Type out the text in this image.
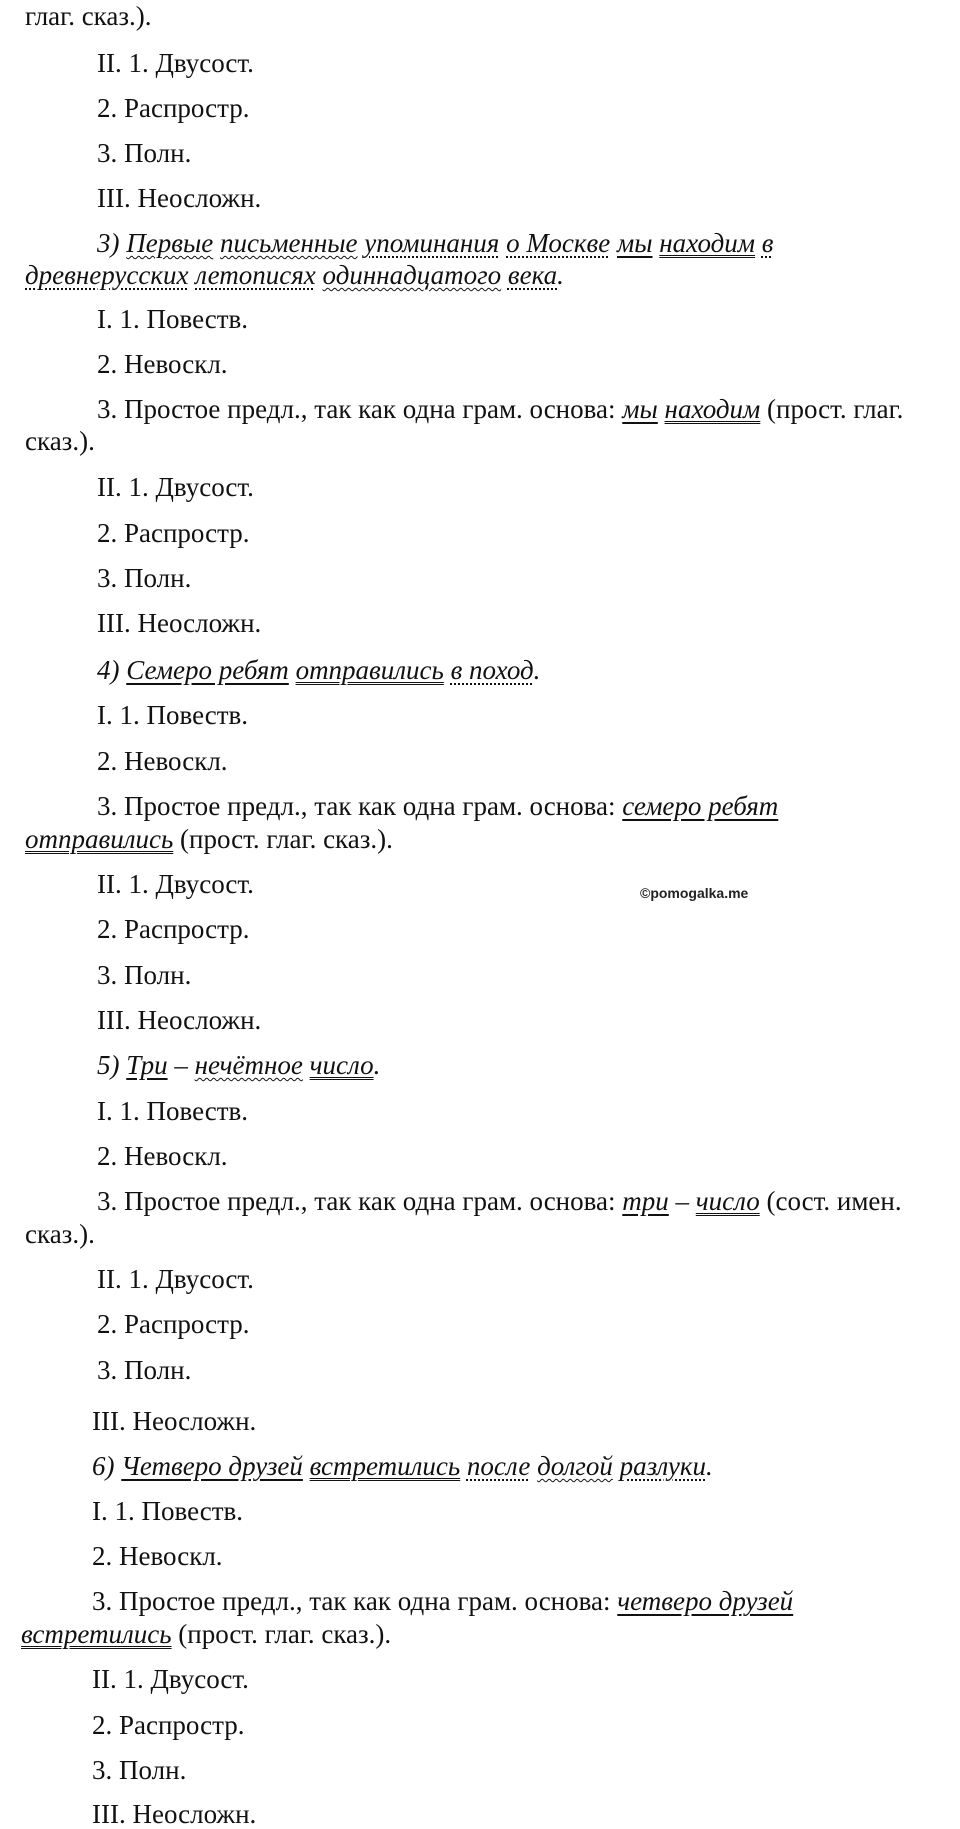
глаг. сказ.).
II. 1. Двусост.
2. Распростр.
3. Полн.
III. Неосложн.
3) Первые письменные упоминания о Москве мы находим в
древнерусских летописях одиннадцатого века.
I. 1. Повеств.
2. Невоскл.
3. Простое предл., так как одна грам. основа: мы находим (прост. глаг.
сказ.).
II. 1. Двусост.
2. Распростр.
3. Полн.
III. Неосложн.
4) Семеро ребят отправились в поход.
I. 1. Повеств.
2. Невоскл.
3. Простое предл., так как одна грам. основа: семеро ребят
отправились (прост. глаг. сказ.).
II. 1. Двусост.	©pomogalka.me
2. Распростр.
3. Полн.
III. Неосложн.
5) Три – нечётное число.
I. 1. Повеств.
2. Невоскл.
3. Простое предл., так как одна грам. основа: три – число (сост. имен.
сказ.).
II. 1. Двусост.
2. Распростр.
3. Полн.
III. Неосложн.
6) Четверо друзей встретились после долгой разлуки.
I. 1. Повеств.
2. Невоскл.
3. Простое предл., так как одна грам. основа: четверо друзей
встретились (прост. глаг. сказ.).
II. 1. Двусост.
2. Распростр.
3. Полн.
III. Неосложн.
